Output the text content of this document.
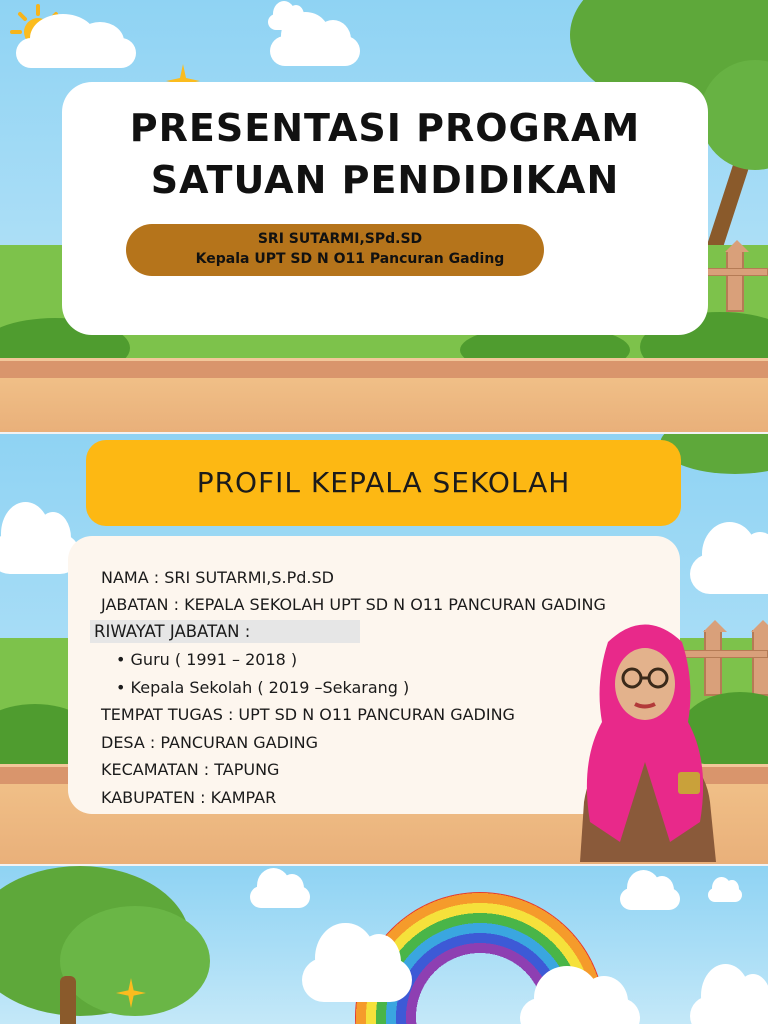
PRESENTASI PROGRAM
SATUAN PENDIDIKAN
SRI SUTARMI,SPd.SD
Kepala UPT SD N O11 Pancuran Gading
PROFIL KEPALA SEKOLAH
NAMA : SRI SUTARMI,S.Pd.SD
JABATAN : KEPALA SEKOLAH UPT SD N O11 PANCURAN GADING
RIWAYAT JABATAN :
• Guru ( 1991 – 2018 )
• Kepala Sekolah ( 2019 –Sekarang )
TEMPAT TUGAS : UPT SD N O11 PANCURAN GADING
DESA : PANCURAN GADING
KECAMATAN : TAPUNG
KABUPATEN : KAMPAR
